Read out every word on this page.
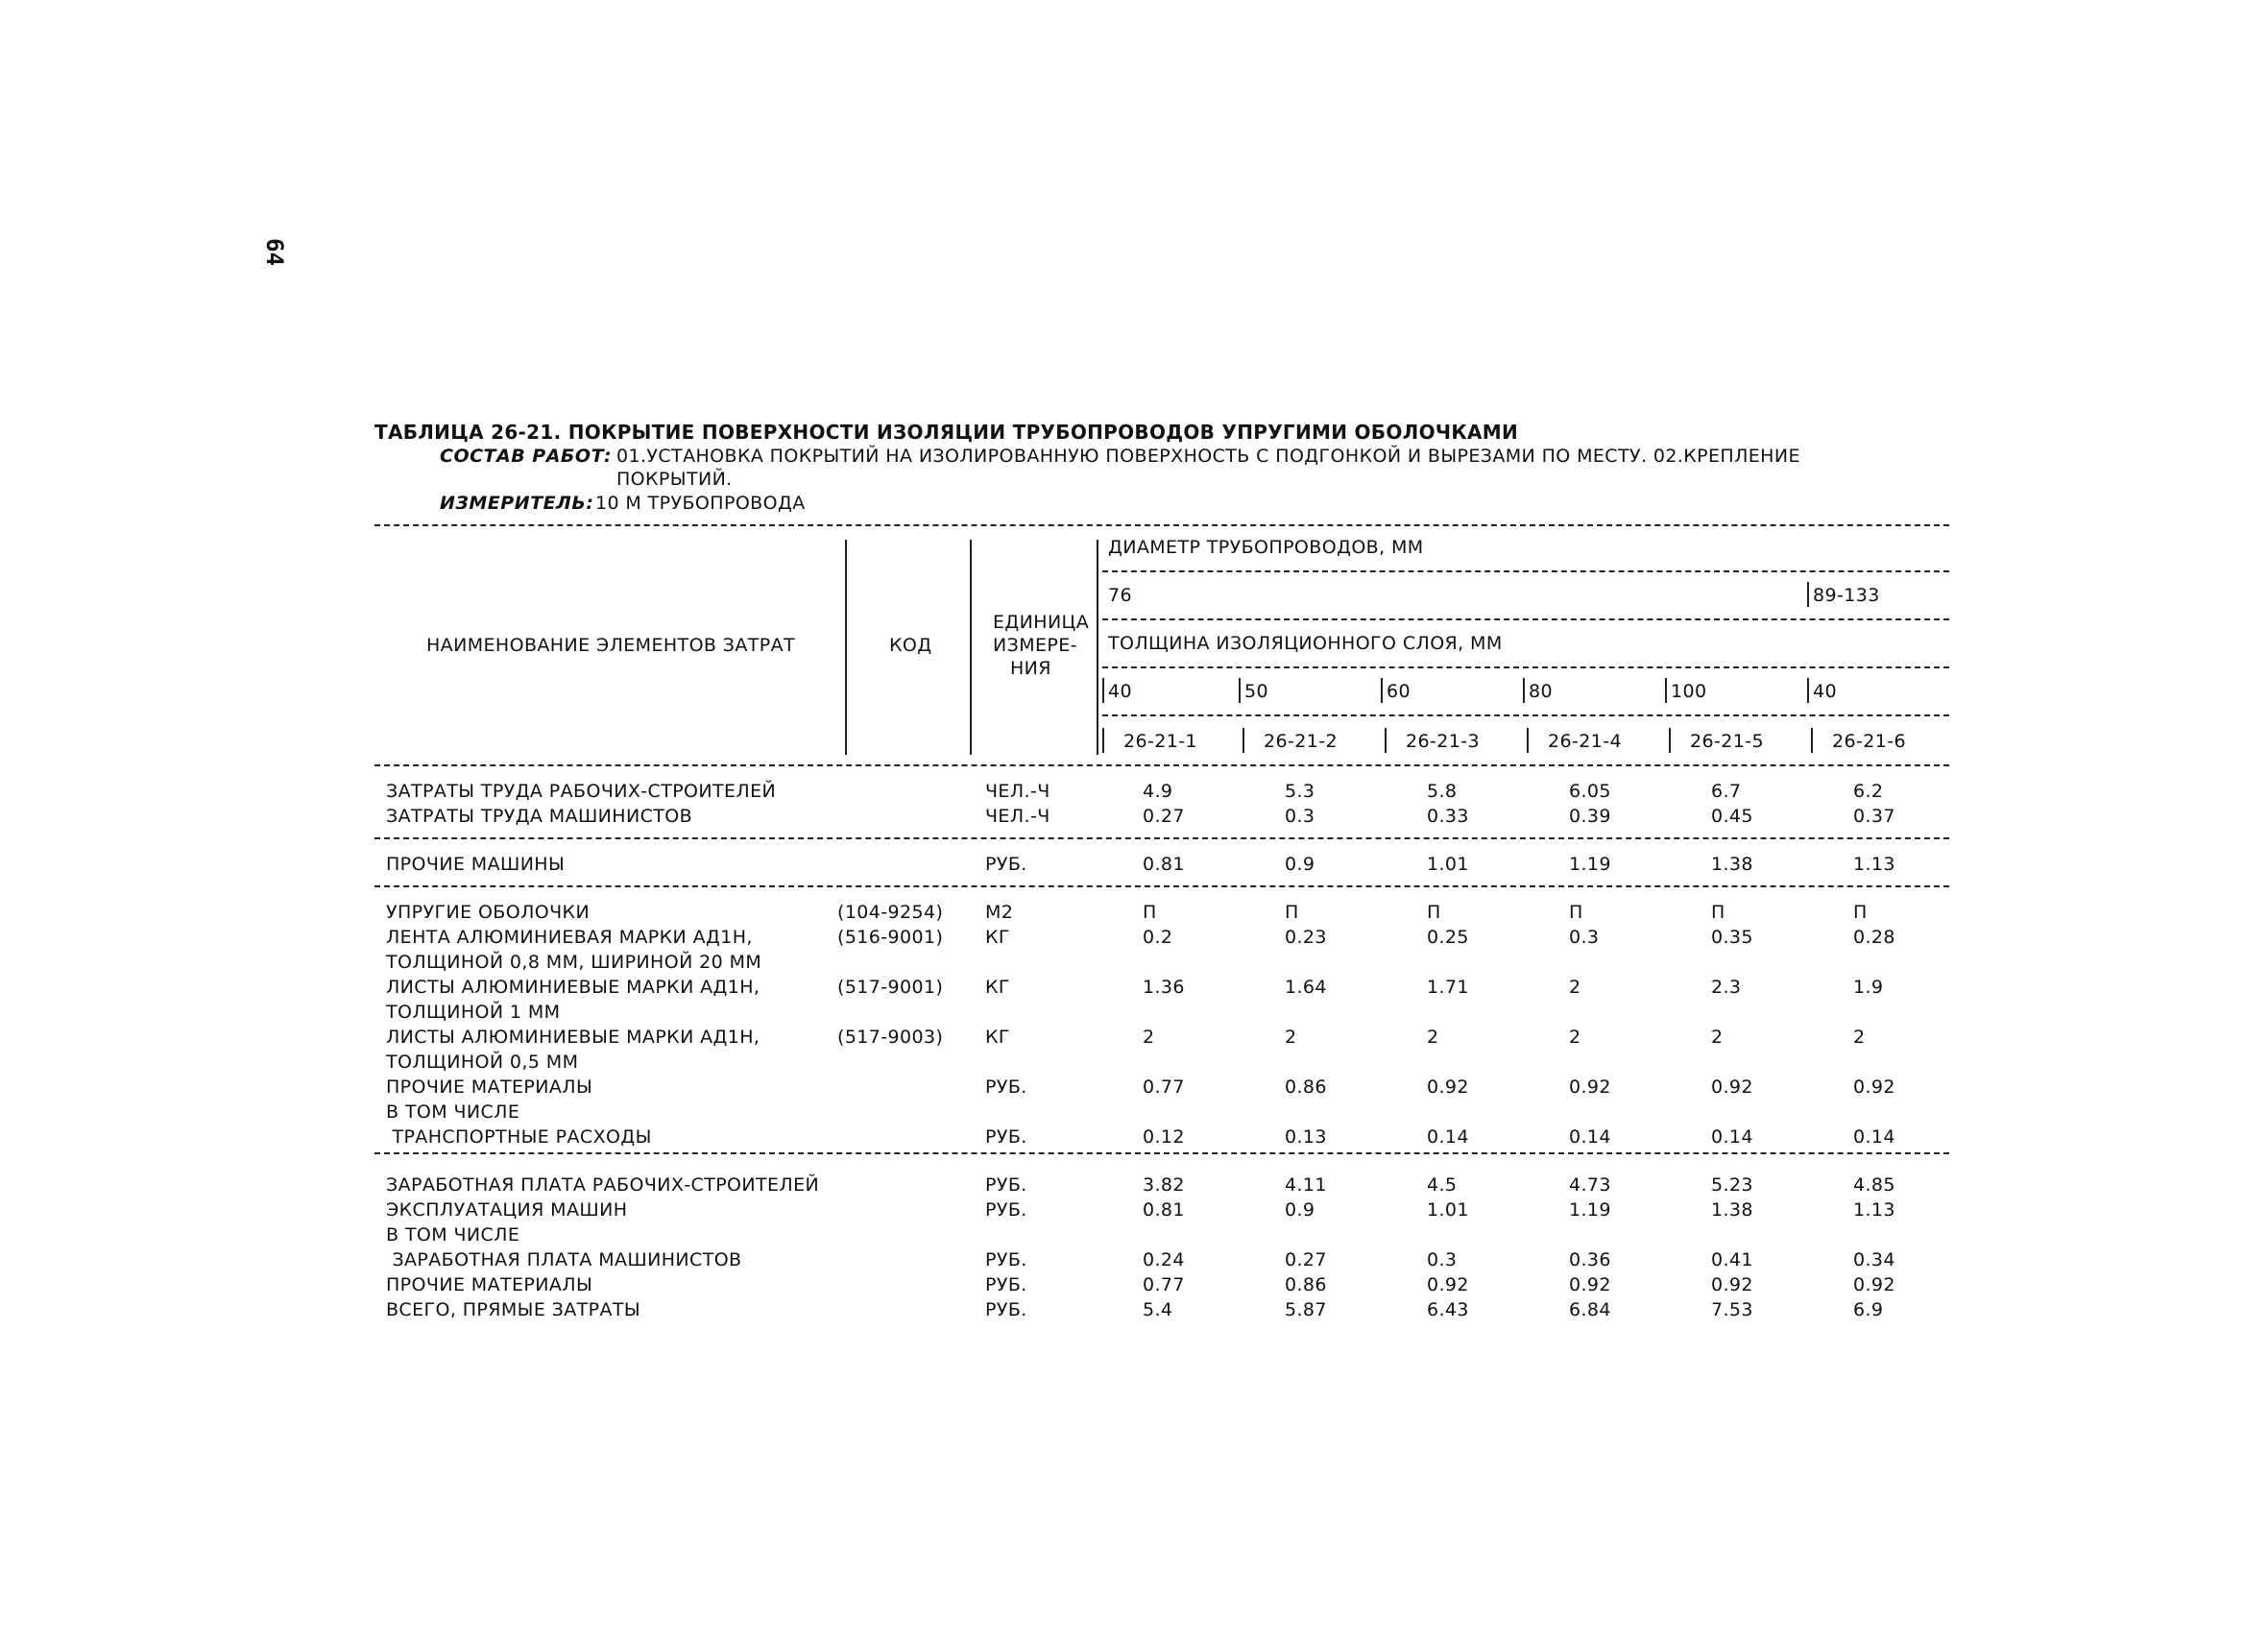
64
ТАБЛИЦА 26-21. ПОКРЫТИЕ ПОВЕРХНОСТИ ИЗОЛЯЦИИ ТРУБОПРОВОДОВ УПРУГИМИ ОБОЛОЧКАМИ
СОСТАВ РАБОТ: 01.УСТАНОВКА ПОКРЫТИЙ НА ИЗОЛИРОВАННУЮ ПОВЕРХНОСТЬ С ПОДГОНКОЙ И ВЫРЕЗАМИ ПО МЕСТУ. 02.КРЕПЛЕНИЕ
ПОКРЫТИЙ.
ИЗМЕРИТЕЛЬ: 10 М ТРУБОПРОВОДА
НАИМЕНОВАНИЕ ЭЛЕМЕНТОВ ЗАТРАТ	КОД
ЕДИНИЦА
ИЗМЕРЕ-
НИЯ
ДИАМЕТР ТРУБОПРОВОДОВ, ММ
76	89-133
ТОЛЩИНА ИЗОЛЯЦИОННОГО СЛОЯ, ММ
40	50	60	80	100	40
26-21-1	26-21-2	26-21-3	26-21-4	26-21-5	26-21-6
ЗАТРАТЫ ТРУДА РАБОЧИХ-СТРОИТЕЛЕЙ	ЧЕЛ.-Ч	4.9	5.3	5.8	6.05	6.7	6.2
ЗАТРАТЫ ТРУДА МАШИНИСТОВ	ЧЕЛ.-Ч	0.27	0.3	0.33	0.39	0.45	0.37
ПРОЧИЕ МАШИНЫ	РУБ.	0.81	0.9	1.01	1.19	1.38	1.13
УПРУГИЕ ОБОЛОЧКИ	(104-9254) М2	П	П	П	П	П	П
ЛЕНТА АЛЮМИНИЕВАЯ МАРКИ АД1Н,	(516-9001) КГ	0.2	0.23	0.25	0.3	0.35	0.28
ТОЛЩИНОЙ 0,8 ММ, ШИРИНОЙ 20 ММ
ЛИСТЫ АЛЮМИНИЕВЫЕ МАРКИ АД1Н,	(517-9001) КГ	1.36	1.64	1.71	2	2.3	1.9
ТОЛЩИНОЙ 1 ММ
ЛИСТЫ АЛЮМИНИЕВЫЕ МАРКИ АД1Н,	(517-9003) КГ	2	2	2	2	2	2
ТОЛЩИНОЙ 0,5 ММ
ПРОЧИЕ МАТЕРИАЛЫ	РУБ.	0.77	0.86	0.92	0.92	0.92	0.92
В ТОМ ЧИСЛЕ
ТРАНСПОРТНЫЕ РАСХОДЫ	РУБ.	0.12	0.13	0.14	0.14	0.14	0.14
ЗАРАБОТНАЯ ПЛАТА РАБОЧИХ-СТРОИТЕЛЕЙ	РУБ.	3.82	4.11	4.5	4.73	5.23	4.85
ЭКСПЛУАТАЦИЯ МАШИН	РУБ.	0.81	0.9	1.01	1.19	1.38	1.13
В ТОМ ЧИСЛЕ
ЗАРАБОТНАЯ ПЛАТА МАШИНИСТОВ	РУБ.	0.24	0.27	0.3	0.36	0.41	0.34
ПРОЧИЕ МАТЕРИАЛЫ	РУБ.	0.77	0.86	0.92	0.92	0.92	0.92
ВСЕГО, ПРЯМЫЕ ЗАТРАТЫ	РУБ.	5.4	5.87	6.43	6.84	7.53	6.9
